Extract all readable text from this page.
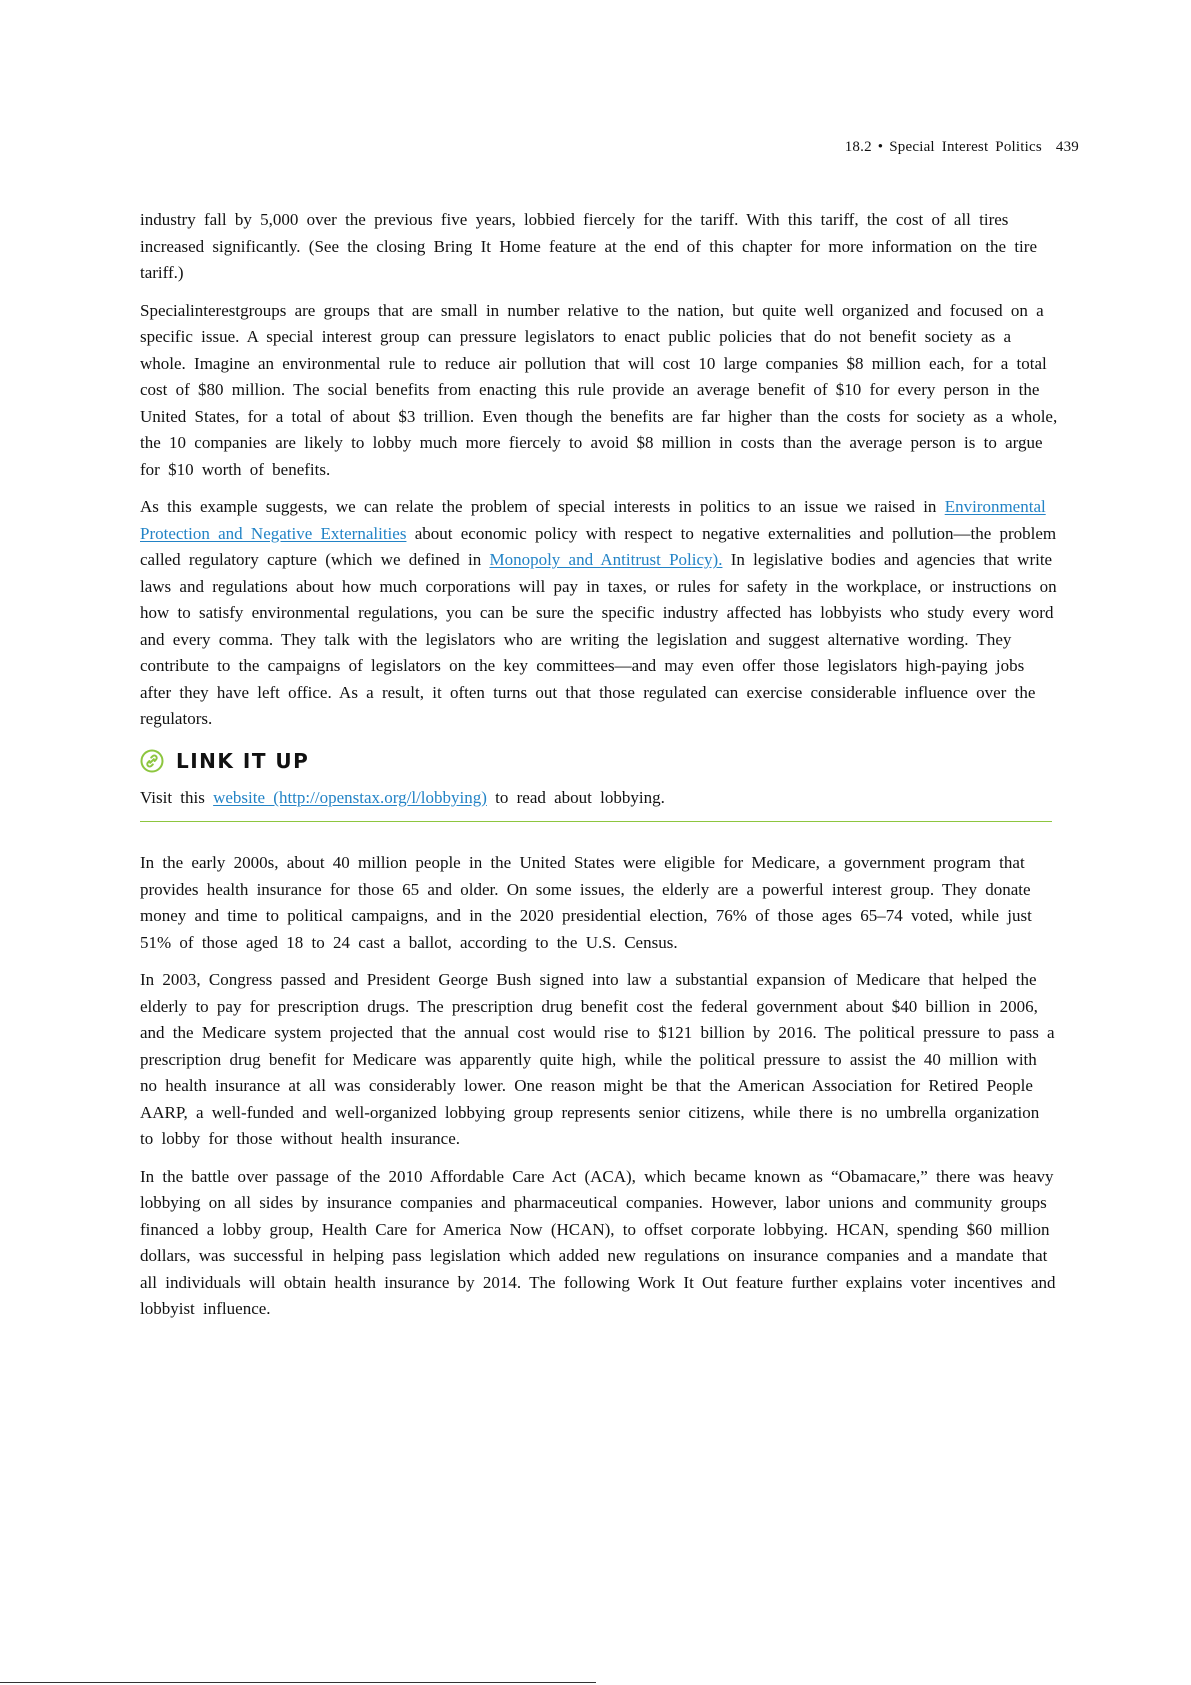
18.2 • Special Interest Politics 439

industry fall by 5,000 over the previous five years, lobbied fiercely for the tariff. With this tariff, the cost of all tires increased significantly. (See the closing Bring It Home feature at the end of this chapter for more information on the tire tariff.)

Specialinterestgroups are groups that are small in number relative to the nation, but quite well organized and focused on a specific issue. A special interest group can pressure legislators to enact public policies that do not benefit society as a whole. Imagine an environmental rule to reduce air pollution that will cost 10 large companies $8 million each, for a total cost of $80 million. The social benefits from enacting this rule provide an average benefit of $10 for every person in the United States, for a total of about $3 trillion. Even though the benefits are far higher than the costs for society as a whole, the 10 companies are likely to lobby much more fiercely to avoid $8 million in costs than the average person is to argue for $10 worth of benefits.

As this example suggests, we can relate the problem of special interests in politics to an issue we raised in Environmental Protection and Negative Externalities about economic policy with respect to negative externalities and pollution—the problem called regulatory capture (which we defined in Monopoly and Antitrust Policy). In legislative bodies and agencies that write laws and regulations about how much corporations will pay in taxes, or rules for safety in the workplace, or instructions on how to satisfy environmental regulations, you can be sure the specific industry affected has lobbyists who study every word and every comma. They talk with the legislators who are writing the legislation and suggest alternative wording. They contribute to the campaigns of legislators on the key committees—and may even offer those legislators high-paying jobs after they have left office. As a result, it often turns out that those regulated can exercise considerable influence over the regulators.

LINK IT UP

Visit this website (http://openstax.org/l/lobbying) to read about lobbying.

In the early 2000s, about 40 million people in the United States were eligible for Medicare, a government program that provides health insurance for those 65 and older. On some issues, the elderly are a powerful interest group. They donate money and time to political campaigns, and in the 2020 presidential election, 76% of those ages 65–74 voted, while just 51% of those aged 18 to 24 cast a ballot, according to the U.S. Census.

In 2003, Congress passed and President George Bush signed into law a substantial expansion of Medicare that helped the elderly to pay for prescription drugs. The prescription drug benefit cost the federal government about $40 billion in 2006, and the Medicare system projected that the annual cost would rise to $121 billion by 2016. The political pressure to pass a prescription drug benefit for Medicare was apparently quite high, while the political pressure to assist the 40 million with no health insurance at all was considerably lower. One reason might be that the American Association for Retired People AARP, a well-funded and well-organized lobbying group represents senior citizens, while there is no umbrella organization to lobby for those without health insurance.

In the battle over passage of the 2010 Affordable Care Act (ACA), which became known as “Obamacare,” there was heavy lobbying on all sides by insurance companies and pharmaceutical companies. However, labor unions and community groups financed a lobby group, Health Care for America Now (HCAN), to offset corporate lobbying. HCAN, spending $60 million dollars, was successful in helping pass legislation which added new regulations on insurance companies and a mandate that all individuals will obtain health insurance by 2014. The following Work It Out feature further explains voter incentives and lobbyist influence.
